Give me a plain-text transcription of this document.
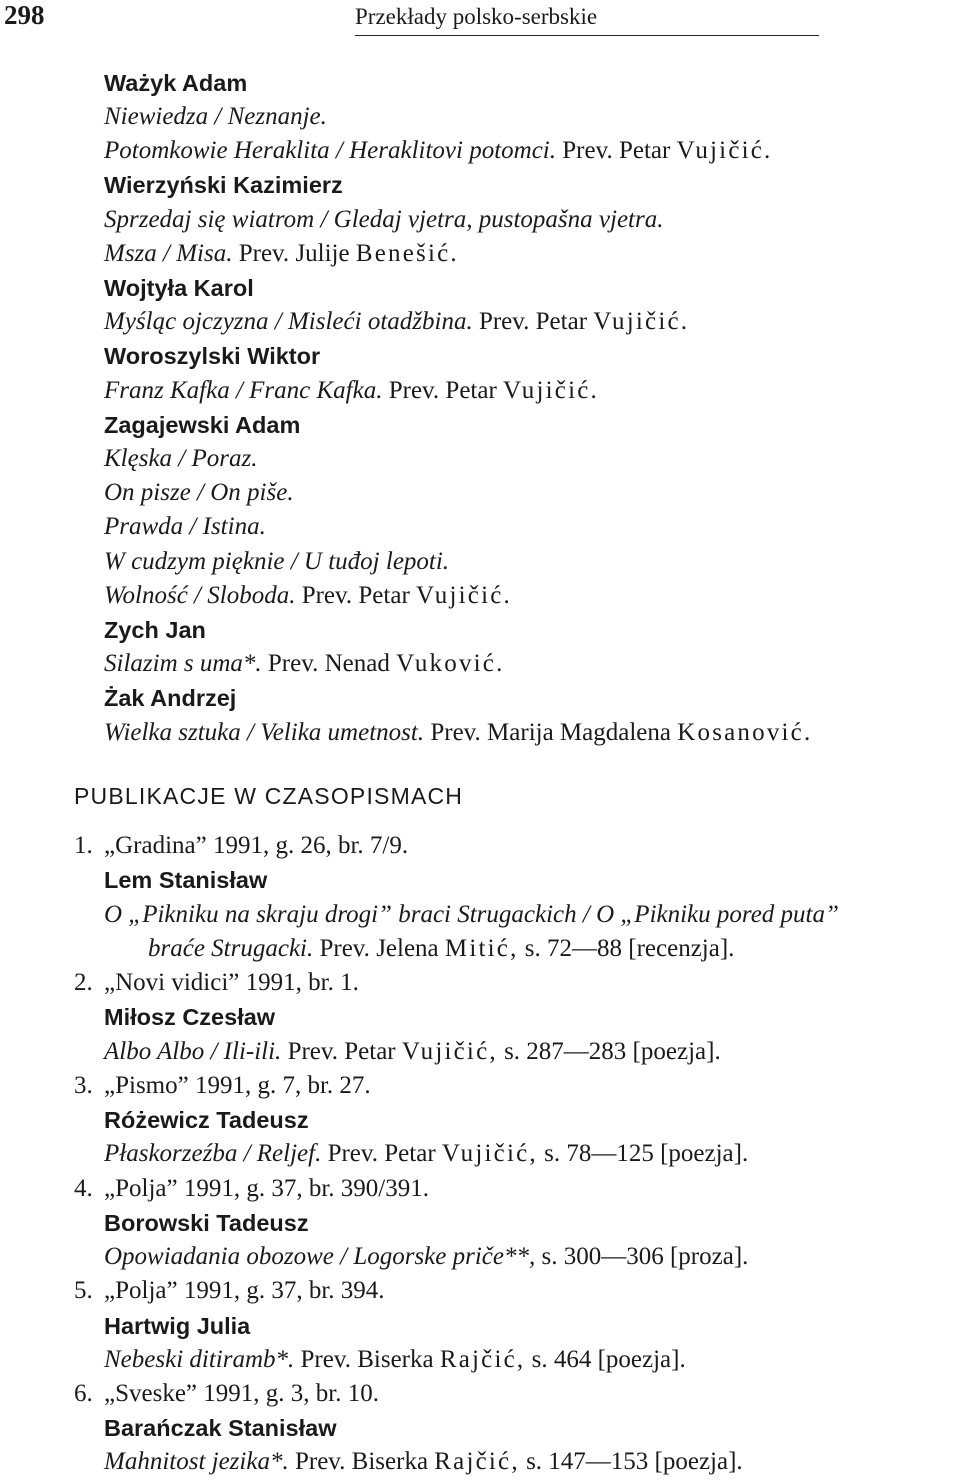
298	Przekłady polsko-serbskie
Ważyk Adam
Niewiedza / Neznanje.
Potomkowie Heraklita / Heraklitovi potomci. Prev. Petar Vujičić.
Wierzyński Kazimierz
Sprzedaj się wiatrom / Gledaj vjetra, pustopašna vjetra.
Msza / Misa. Prev. Julije Benešić.
Wojtyła Karol
Myśląc ojczyzna / Misleći otadžbina. Prev. Petar Vujičić.
Woroszylski Wiktor
Franz Kafka / Franc Kafka. Prev. Petar Vujičić.
Zagajewski Adam
Klęska / Poraz.
On pisze / On piše.
Prawda / Istina.
W cudzym pięknie / U tuđoj lepoti.
Wolność / Sloboda. Prev. Petar Vujičić.
Zych Jan
Silazim s uma*. Prev. Nenad Vuković.
Żak Andrzej
Wielka sztuka / Velika umetnost. Prev. Marija Magdalena Kosanović.
PUBLIKACJE W CZASOPISMACH
1. „Gradina” 1991, g. 26, br. 7/9.
Lem Stanisław
O „Pikniku na skraju drogi” braci Strugackich / O „Pikniku pored puta”
braće Strugacki. Prev. Jelena Mitić, s. 72—88 [recenzja].
2. „Novi vidici” 1991, br. 1.
Miłosz Czesław
Albo Albo / Ili-ili. Prev. Petar Vujičić, s. 287—283 [poezja].
3. „Pismo” 1991, g. 7, br. 27.
Różewicz Tadeusz
Płaskorzeźba / Reljef. Prev. Petar Vujičić, s. 78—125 [poezja].
4. „Polja” 1991, g. 37, br. 390/391.
Borowski Tadeusz
Opowiadania obozowe / Logorske priče**, s. 300—306 [proza].
5. „Polja” 1991, g. 37, br. 394.
Hartwig Julia
Nebeski ditiramb*. Prev. Biserka Rajčić, s. 464 [poezja].
6. „Sveske” 1991, g. 3, br. 10.
Barańczak Stanisław
Mahnitost jezika*. Prev. Biserka Rajčić, s. 147—153 [poezja].
